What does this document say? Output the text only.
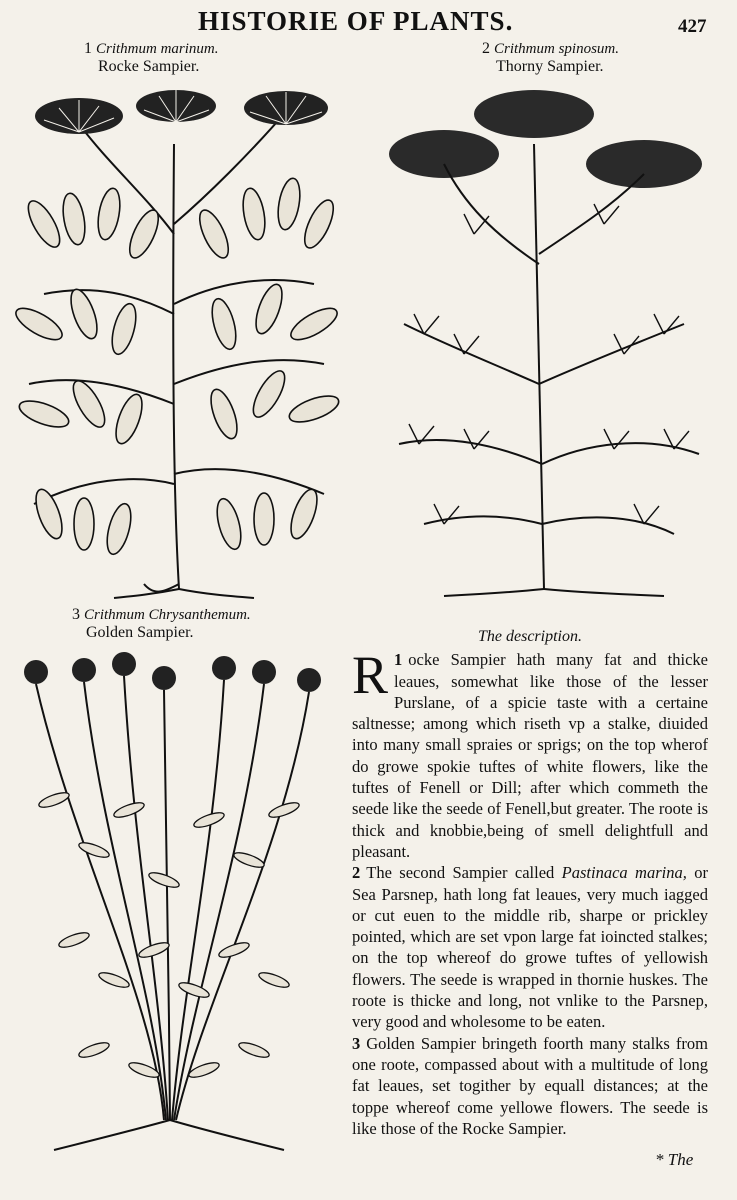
HISTORIE OF PLANTS.	427
1 Crithmum marinum.
Rocke Sampier.
2 Crithmum spinosum.
Thorny Sampier.
3 Crithmum Chrysanthemum.
Golden Sampier.	The description.

1
R ocke Sampier hath many fat and thicke leaues, somewhat like those of the lesser Purslane, of a spicie taste with a certaine saltnesse; among which riseth vp a stalke, diuided into many small spraies or sprigs; on the top wherof do growe spokie tuftes of white flowers, like the tuftes of Fenell or Dill; after which commeth the seede like the seede of Fenell,but greater. The roote is thick and knobbie,being of smell delightfull and pleasant.

2 The second Sampier called Pastinaca marina, or Sea Parsnep, hath long fat leaues, very much iagged or cut euen to the middle rib, sharpe or prickley pointed, which are set vpon large fat ioincted stalkes; on the top whereof do growe tuftes of yellowish flowers. The seede is wrapped in thornie huskes. The roote is thicke and long, not vnlike to the Parsnep, very good and wholesome to be eaten.

3 Golden Sampier bringeth foorth many stalks from one roote, compassed about with a multitude of long fat leaues, set togither by equall distances; at the toppe whereof come yellowe flowers. The seede is like those of the Rocke Sampier.

* The
